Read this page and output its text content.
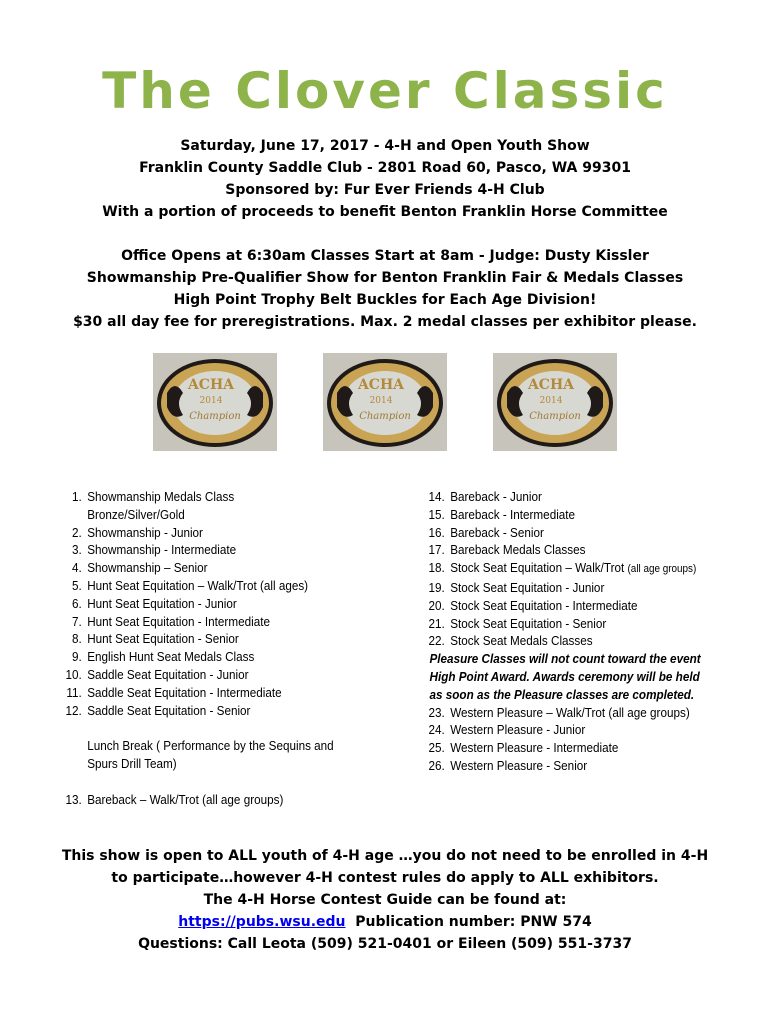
The Clover Classic

Saturday, June 17, 2017 - 4-H and Open Youth Show

Franklin County Saddle Club - 2801 Road 60, Pasco, WA 99301

Sponsored by: Fur Ever Friends 4-H Club

With a portion of proceeds to benefit Benton Franklin Horse Committee

Office Opens at 6:30am Classes Start at 8am - Judge: Dusty Kissler

Showmanship Pre-Qualifier Show for Benton Franklin Fair & Medals Classes

High Point Trophy Belt Buckles for Each Age Division!

$30 all day fee for preregistrations. Max. 2 medal classes per exhibitor please.

ACHA
2014
Champion
ACHA
2014
Champion
ACHA
2014
Champion
1. Showmanship Medals Class
Bronze/Silver/Gold
2. Showmanship - Junior
3. Showmanship - Intermediate
4. Showmanship – Senior
5. Hunt Seat Equitation – Walk/Trot (all ages)
6. Hunt Seat Equitation - Junior
7. Hunt Seat Equitation - Intermediate
8. Hunt Seat Equitation - Senior
9. English Hunt Seat Medals Class
10. Saddle Seat Equitation - Junior
11. Saddle Seat Equitation - Intermediate
12. Saddle Seat Equitation - Senior
Lunch Break ( Performance by the Sequins and
Spurs Drill Team)
13. Bareback – Walk/Trot (all age groups)
14. Bareback - Junior
15. Bareback - Intermediate
16. Bareback - Senior
17. Bareback Medals Classes
18. Stock Seat Equitation – Walk/Trot (all age groups)
19. Stock Seat Equitation - Junior
20. Stock Seat Equitation - Intermediate
21. Stock Seat Equitation - Senior
22. Stock Seat Medals Classes
Pleasure Classes will not count toward the event
High Point Award. Awards ceremony will be held
as soon as the Pleasure classes are completed.
23. Western Pleasure – Walk/Trot (all age groups)
24. Western Pleasure - Junior
25. Western Pleasure - Intermediate
26. Western Pleasure - Senior

This show is open to ALL youth of 4-H age …you do not need to be enrolled in 4-H

to participate…however 4-H contest rules do apply to ALL exhibitors.

The 4-H Horse Contest Guide can be found at:

https://pubs.wsu.edu  Publication number: PNW 574

Questions: Call Leota (509) 521-0401 or Eileen (509) 551-3737
